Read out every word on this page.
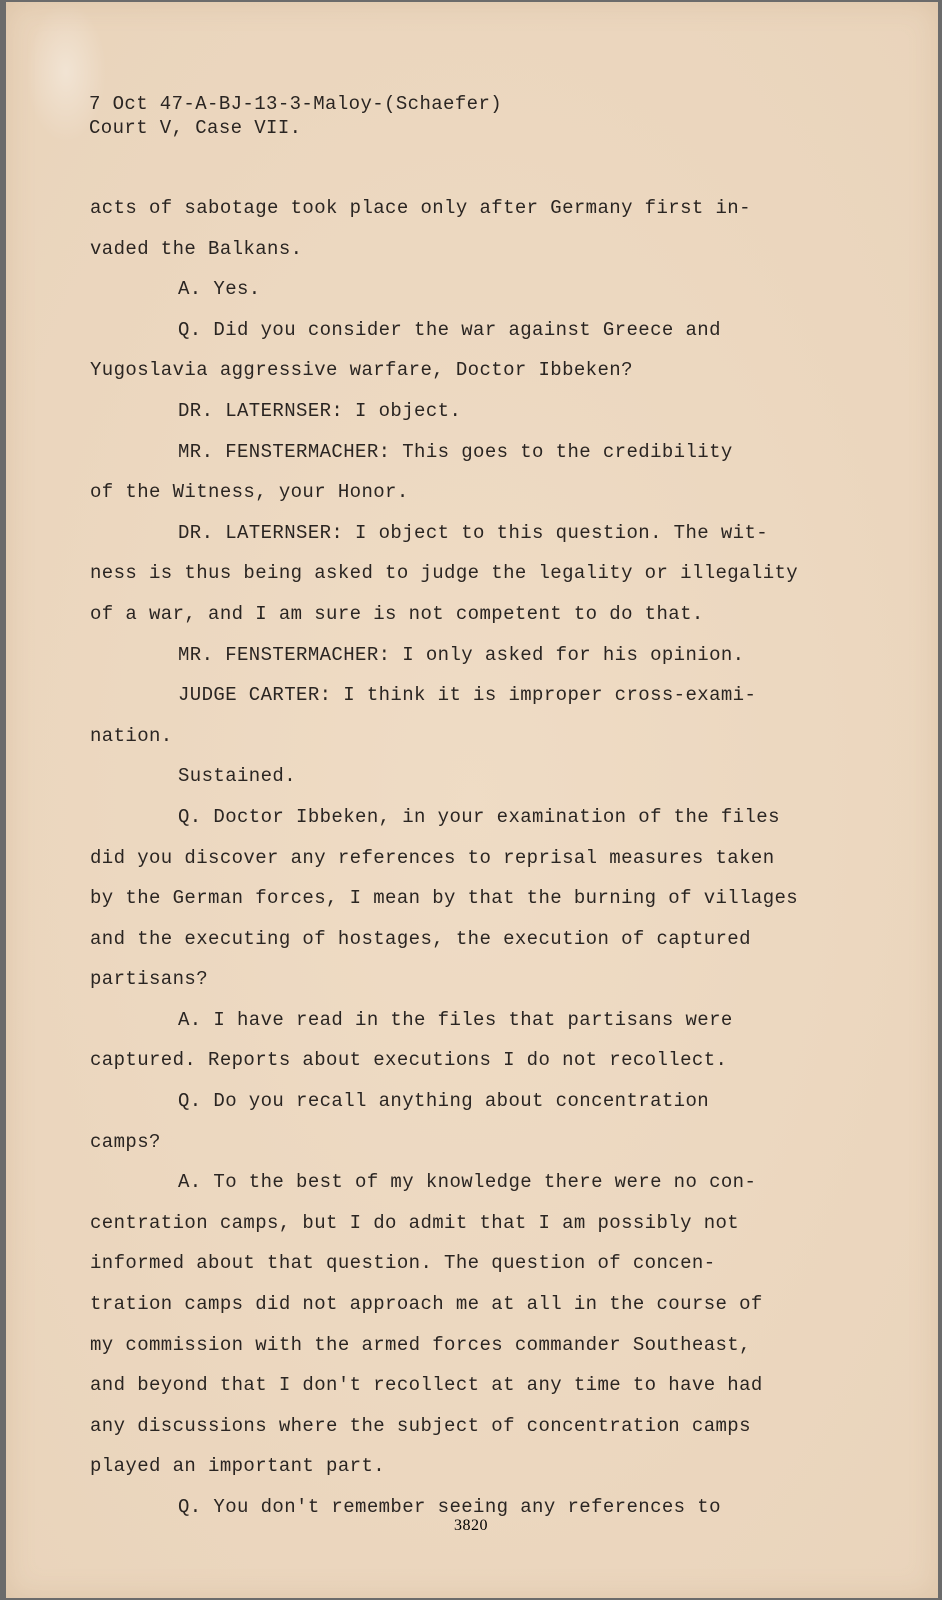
7 Oct 47-A-BJ-13-3-Maloy-(Schaefer)
Court V, Case VII.
acts of sabotage took place only after Germany first in-
vaded the Balkans.
A. Yes.
Q. Did you consider the war against Greece and
Yugoslavia aggressive warfare, Doctor Ibbeken?
DR. LATERNSER: I object.
MR. FENSTERMACHER: This goes to the credibility
of the Witness, your Honor.
DR. LATERNSER: I object to this question. The wit-
ness is thus being asked to judge the legality or illegality
of a war, and I am sure is not competent to do that.
MR. FENSTERMACHER: I only asked for his opinion.
JUDGE CARTER: I think it is improper cross-exami-
nation.
Sustained.
Q. Doctor Ibbeken, in your examination of the files
did you discover any references to reprisal measures taken
by the German forces, I mean by that the burning of villages
and the executing of hostages, the execution of captured
partisans?
A. I have read in the files that partisans were
captured. Reports about executions I do not recollect.
Q. Do you recall anything about concentration
camps?
A. To the best of my knowledge there were no con-
centration camps, but I do admit that I am possibly not
informed about that question. The question of concen-
tration camps did not approach me at all in the course of
my commission with the armed forces commander Southeast,
and beyond that I don't recollect at any time to have had
any discussions where the subject of concentration camps
played an important part.
Q. You don't remember seeing any references to
3820
